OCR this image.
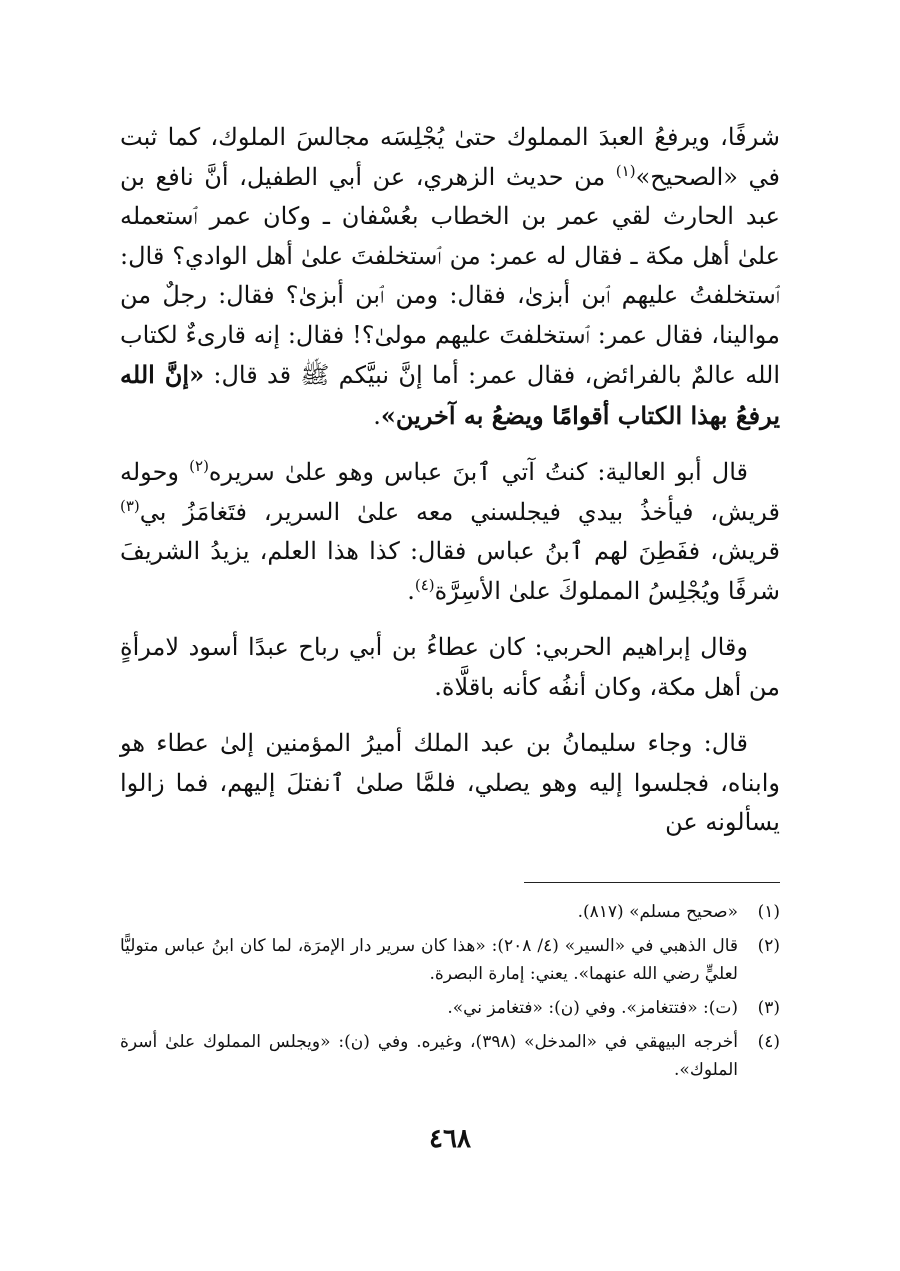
شرفًا، ويرفعُ العبدَ المملوك حتىٰ يُجْلِسَه مجالسَ الملوك، كما ثبت في «الصحيح»$^{(١)}$ من حديث الزهري، عن أبي الطفيل، أنَّ نافع بن عبد الحارث لقي عمر بن الخطاب بعُسْفان ـ وكان عمر ٱستعمله علىٰ أهل مكة ـ فقال له عمر: من ٱستخلفتَ علىٰ أهل الوادي؟ قال: ٱستخلفتُ عليهم ٱبن أبزىٰ، فقال: ومن ٱبن أبزىٰ؟ فقال: رجلٌ من موالينا، فقال عمر: ٱستخلفتَ عليهم مولىٰ؟! فقال: إنه قارىءٌ لكتاب الله عالمٌ بالفرائض، فقال عمر: أما إنَّ نبيَّكم ﷺ قد قال: «إنَّ الله يرفعُ بهذا الكتاب أقوامًا ويضعُ به آخرين».

قال أبو العالية: كنتُ آتي ٱبنَ عباس وهو علىٰ سريره$^{(٢)}$ وحوله قريش، فيأخذُ بيدي فيجلسني معه علىٰ السرير، فتَغامَزُ بي$^{(٣)}$ قريش، ففَطِنَ لهم ٱبنُ عباس فقال: كذا هذا العلم، يزيدُ الشريفَ شرفًا ويُجْلِسُ المملوكَ علىٰ الأسِرَّة$^{(٤)}$.

وقال إبراهيم الحربي: كان عطاءُ بن أبي رباح عبدًا أسود لامرأةٍ من أهل مكة، وكان أنفُه كأنه باقلَّاة.

قال: وجاء سليمانُ بن عبد الملك أميرُ المؤمنين إلىٰ عطاء هو وابناه، فجلسوا إليه وهو يصلي، فلمَّا صلىٰ ٱنفتلَ إليهم، فما زالوا يسألونه عن

(١)
«صحيح مسلم» (٨١٧).
(٢)
قال الذهبي في «السير» (٤/ ٢٠٨): «هذا كان سرير دار الإمرَة، لما كان ابنُ عباس متوليًّا لعليٍّ رضي الله عنهما». يعني: إمارة البصرة.
(٣)
(ت): «فتتغامز». وفي (ن): «فتغامز ني».
(٤)
أخرجه البيهقي في «المدخل» (٣٩٨)، وغيره. وفي (ن): «ويجلس المملوك علىٰ أسرة الملوك».
٤٦٨
